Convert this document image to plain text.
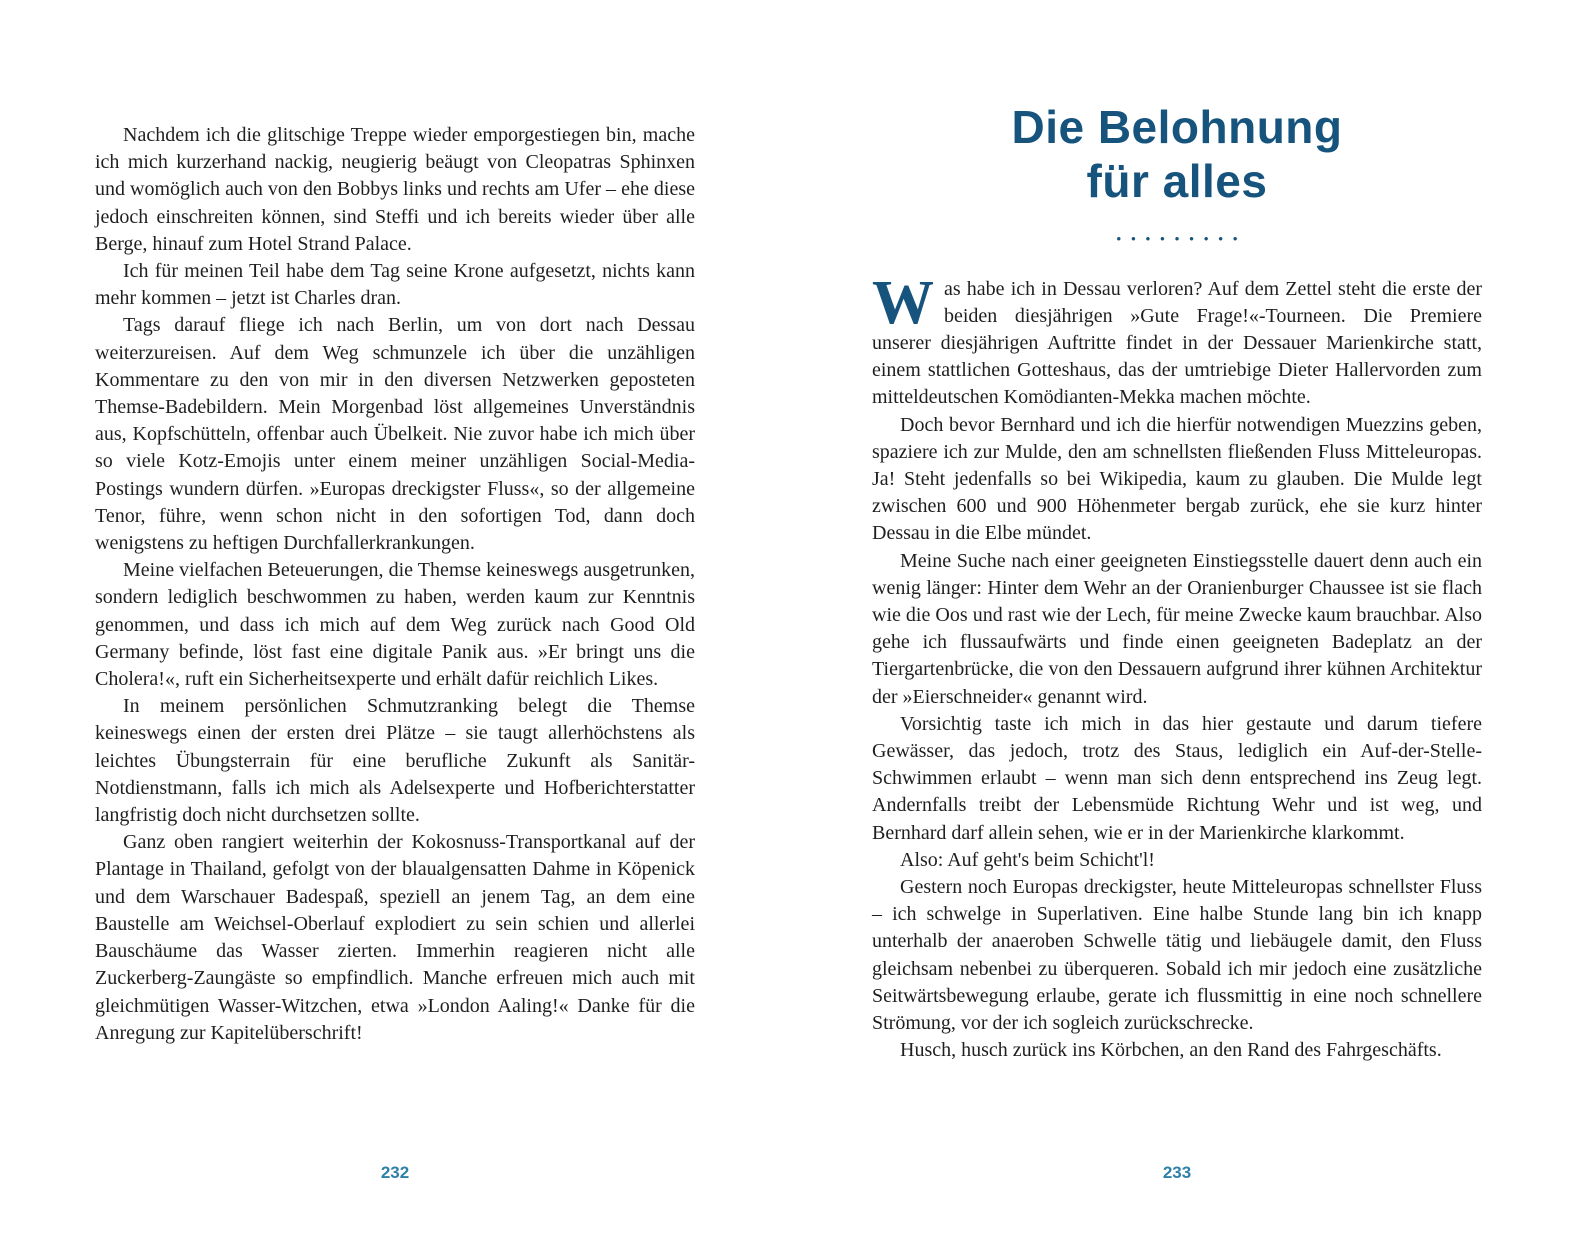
Nachdem ich die glitschige Treppe wieder emporgestiegen bin, mache ich mich kurzerhand nackig, neugierig beäugt von Cleopatras Sphinxen und womöglich auch von den Bobbys links und rechts am Ufer – ehe diese jedoch einschreiten können, sind Steffi und ich bereits wieder über alle Berge, hinauf zum Hotel Strand Palace.

Ich für meinen Teil habe dem Tag seine Krone aufgesetzt, nichts kann mehr kommen – jetzt ist Charles dran.

Tags darauf fliege ich nach Berlin, um von dort nach Dessau weiterzureisen. Auf dem Weg schmunzele ich über die unzähligen Kommentare zu den von mir in den diversen Netzwerken geposteten Themse-Badebildern. Mein Morgenbad löst allgemeines Unverständnis aus, Kopfschütteln, offenbar auch Übelkeit. Nie zuvor habe ich mich über so viele Kotz-Emojis unter einem meiner unzähligen Social-Media-Postings wundern dürfen. »Europas dreckigster Fluss«, so der allgemeine Tenor, führe, wenn schon nicht in den sofortigen Tod, dann doch wenigstens zu heftigen Durchfallerkrankungen.

Meine vielfachen Beteuerungen, die Themse keineswegs ausgetrunken, sondern lediglich beschwommen zu haben, werden kaum zur Kenntnis genommen, und dass ich mich auf dem Weg zurück nach Good Old Germany befinde, löst fast eine digitale Panik aus. »Er bringt uns die Cholera!«, ruft ein Sicherheitsexperte und erhält dafür reichlich Likes.

In meinem persönlichen Schmutzranking belegt die Themse keineswegs einen der ersten drei Plätze – sie taugt allerhöchstens als leichtes Übungsterrain für eine berufliche Zukunft als Sanitär-Notdienstmann, falls ich mich als Adelsexperte und Hofberichterstatter langfristig doch nicht durchsetzen sollte.

Ganz oben rangiert weiterhin der Kokosnuss-Transportkanal auf der Plantage in Thailand, gefolgt von der blaualgensatten Dahme in Köpenick und dem Warschauer Badespaß, speziell an jenem Tag, an dem eine Baustelle am Weichsel-Oberlauf explodiert zu sein schien und allerlei Bauschäume das Wasser zierten. Immerhin reagieren nicht alle Zuckerberg-Zaungäste so empfindlich. Manche erfreuen mich auch mit gleichmütigen Wasser-Witzchen, etwa »London Aaling!« Danke für die Anregung zur Kapitelüberschrift!

Die Belohnung
für alles
•••••••••

Was habe ich in Dessau verloren? Auf dem Zettel steht die erste der beiden diesjährigen »Gute Frage!«-Tourneen. Die Premiere unserer diesjährigen Auftritte findet in der Dessauer Marienkirche statt, einem stattlichen Gotteshaus, das der umtriebige Dieter Hallervorden zum mitteldeutschen Komödianten-Mekka machen möchte.

Doch bevor Bernhard und ich die hierfür notwendigen Muezzins geben, spaziere ich zur Mulde, den am schnellsten fließenden Fluss Mitteleuropas. Ja! Steht jedenfalls so bei Wikipedia, kaum zu glauben. Die Mulde legt zwischen 600 und 900 Höhenmeter bergab zurück, ehe sie kurz hinter Dessau in die Elbe mündet.

Meine Suche nach einer geeigneten Einstiegsstelle dauert denn auch ein wenig länger: Hinter dem Wehr an der Oranienburger Chaussee ist sie flach wie die Oos und rast wie der Lech, für meine Zwecke kaum brauchbar. Also gehe ich flussaufwärts und finde einen geeigneten Badeplatz an der Tiergartenbrücke, die von den Dessauern aufgrund ihrer kühnen Architektur der »Eierschneider« genannt wird.

Vorsichtig taste ich mich in das hier gestaute und darum tiefere Gewässer, das jedoch, trotz des Staus, lediglich ein Auf-der-Stelle-Schwimmen erlaubt – wenn man sich denn entsprechend ins Zeug legt. Andernfalls treibt der Lebensmüde Richtung Wehr und ist weg, und Bernhard darf allein sehen, wie er in der Marienkirche klarkommt.

Also: Auf geht's beim Schicht'l!

Gestern noch Europas dreckigster, heute Mitteleuropas schnellster Fluss – ich schwelge in Superlativen. Eine halbe Stunde lang bin ich knapp unterhalb der anaeroben Schwelle tätig und liebäugele damit, den Fluss gleichsam nebenbei zu überqueren. Sobald ich mir jedoch eine zusätzliche Seitwärtsbewegung erlaube, gerate ich flussmittig in eine noch schnellere Strömung, vor der ich sogleich zurückschrecke.

Husch, husch zurück ins Körbchen, an den Rand des Fahrgeschäfts.

232	233
